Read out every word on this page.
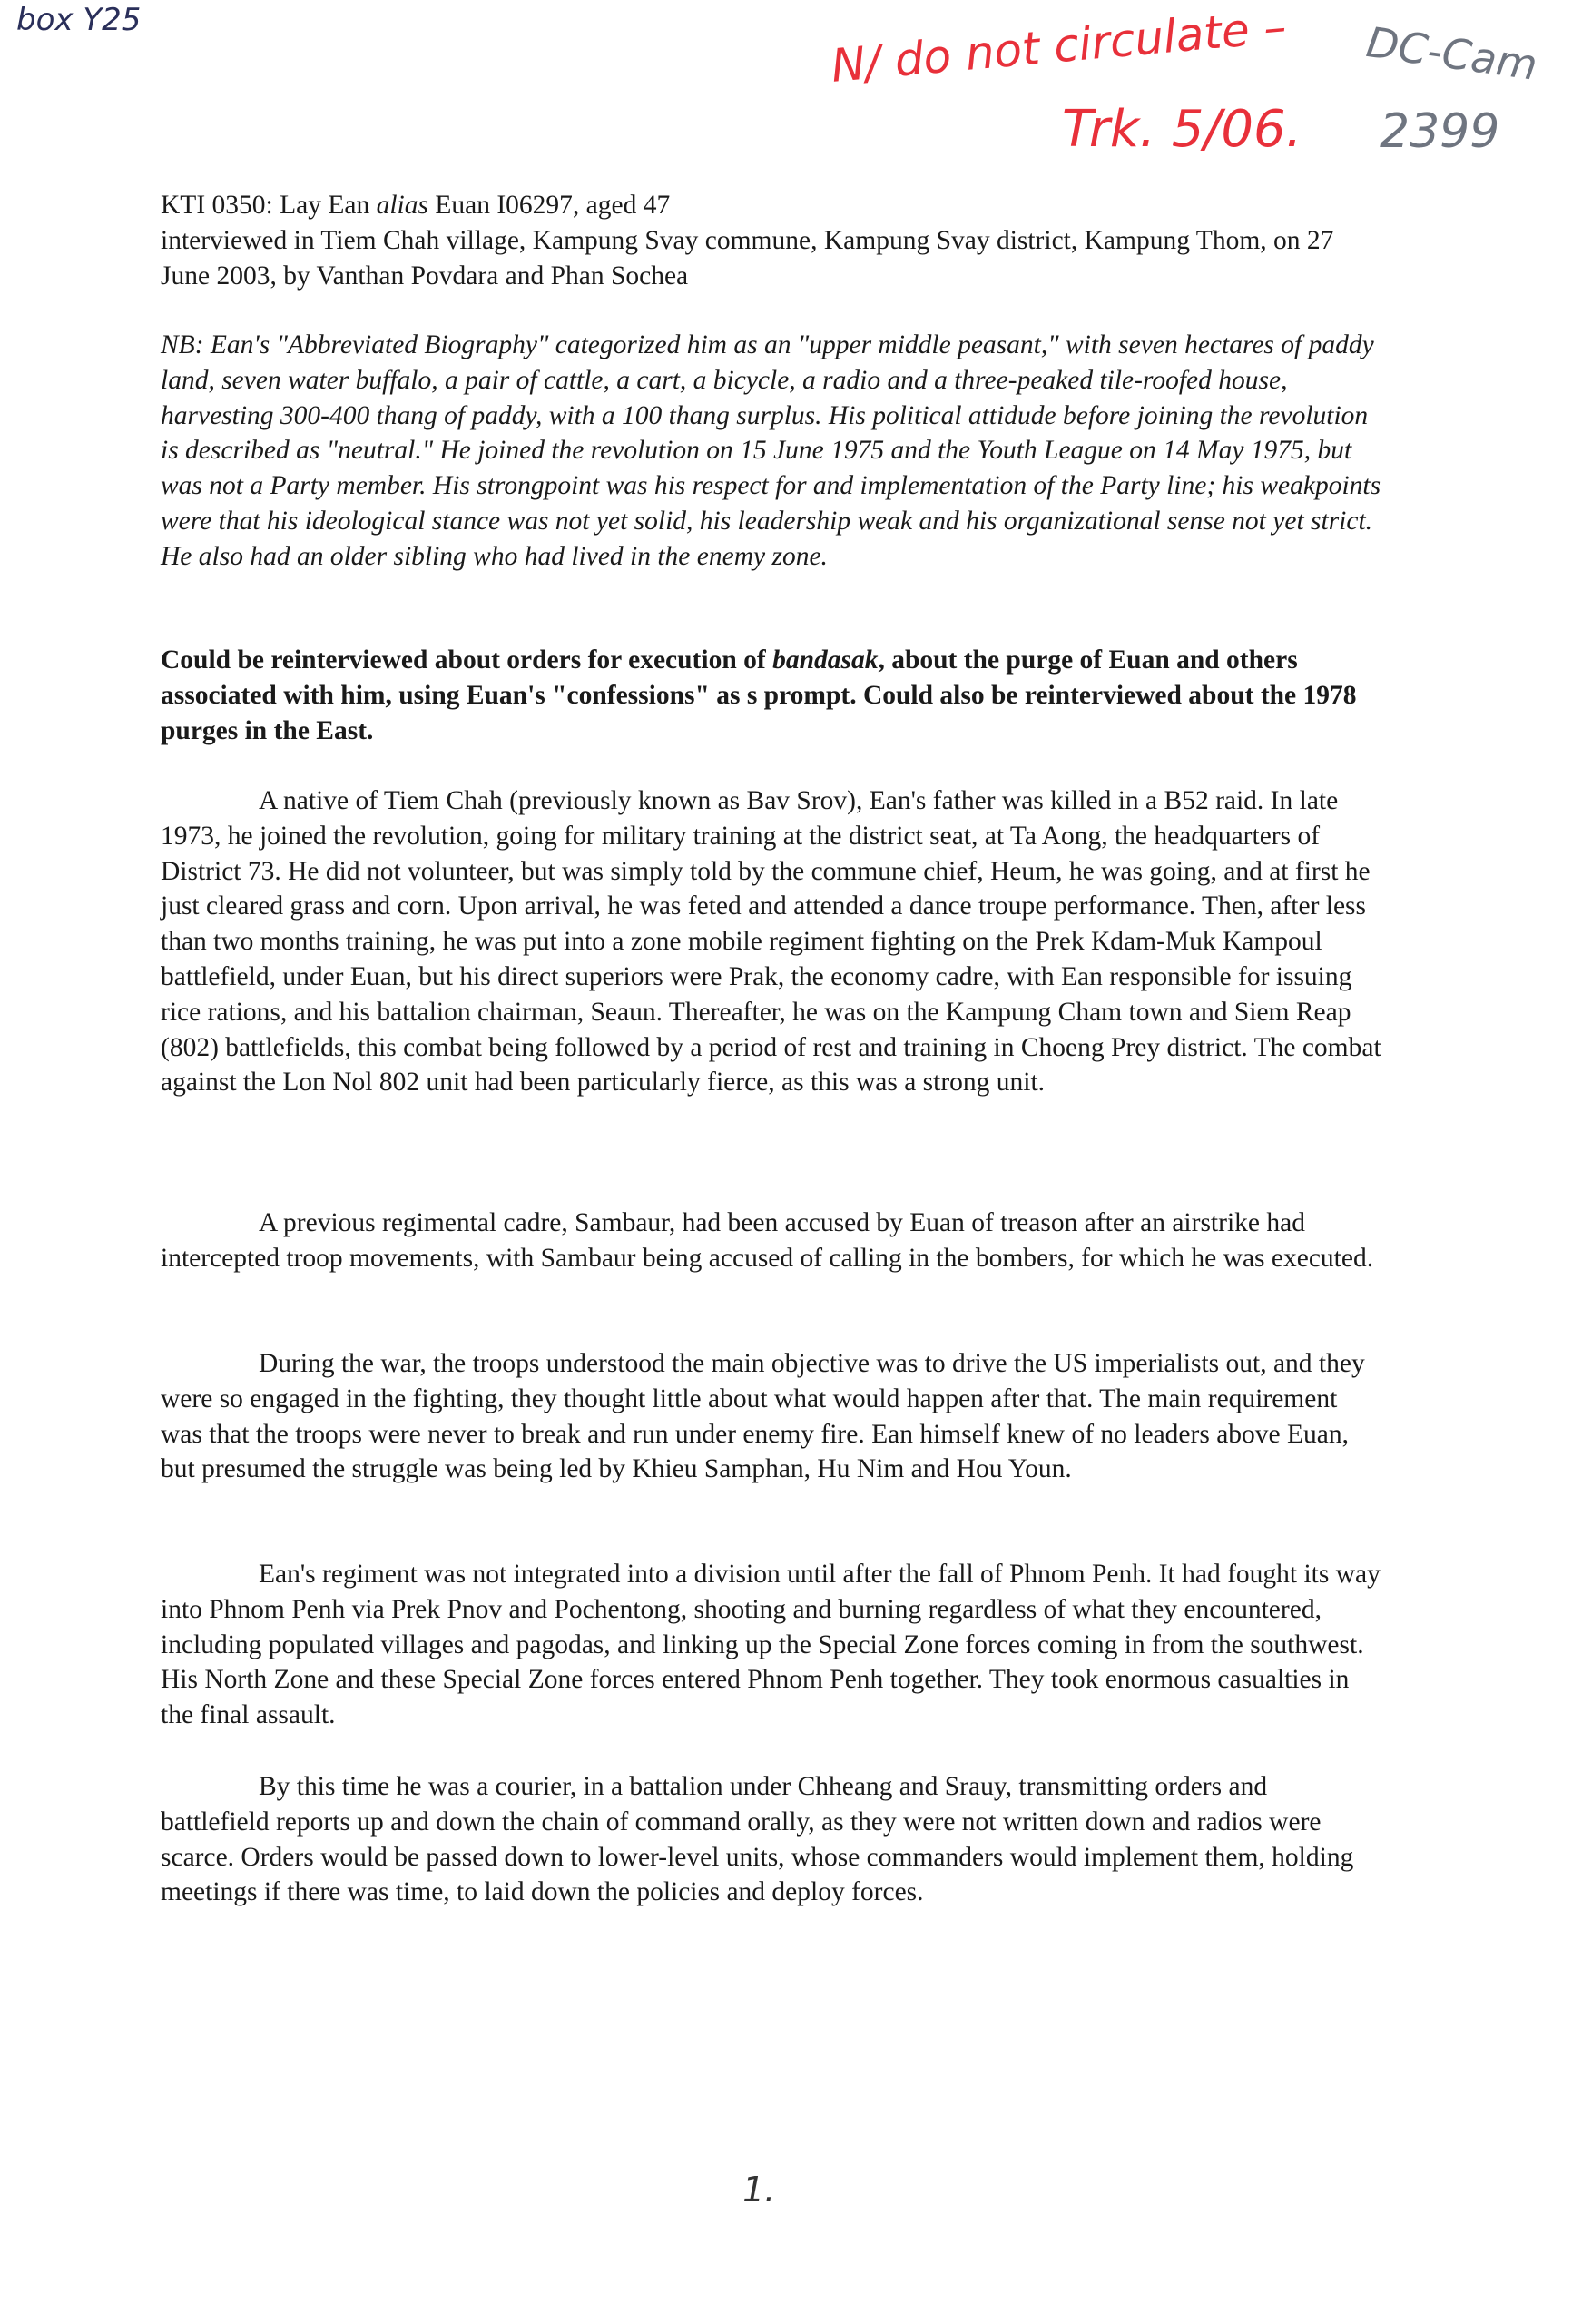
box Y25	N/ do not circulate – DC-Cam
Trk. 5/06. 2399

KTI 0350: Lay Ean alias Euan I06297, aged 47
interviewed in Tiem Chah village, Kampung Svay commune, Kampung Svay district, Kampung Thom, on 27 June 2003, by Vanthan Povdara and Phan Sochea

NB: Ean's "Abbreviated Biography" categorized him as an "upper middle peasant," with seven hectares of paddy land, seven water buffalo, a pair of cattle, a cart, a bicycle, a radio and a three-peaked tile-roofed house, harvesting 300-400 thang of paddy, with a 100 thang surplus. His political attidude before joining the revolution is described as "neutral." He joined the revolution on 15 June 1975 and the Youth League on 14 May 1975, but was not a Party member. His strongpoint was his respect for and implementation of the Party line; his weakpoints were that his ideological stance was not yet solid, his leadership weak and his organizational sense not yet strict. He also had an older sibling who had lived in the enemy zone.

Could be reinterviewed about orders for execution of bandasak, about the purge of Euan and others associated with him, using Euan's "confessions" as s prompt. Could also be reinterviewed about the 1978 purges in the East.

A native of Tiem Chah (previously known as Bav Srov), Ean's father was killed in a B52 raid. In late 1973, he joined the revolution, going for military training at the district seat, at Ta Aong, the headquarters of District 73. He did not volunteer, but was simply told by the commune chief, Heum, he was going, and at first he just cleared grass and corn. Upon arrival, he was feted and attended a dance troupe performance. Then, after less than two months training, he was put into a zone mobile regiment fighting on the Prek Kdam-Muk Kampoul battlefield, under Euan, but his direct superiors were Prak, the economy cadre, with Ean responsible for issuing rice rations, and his battalion chairman, Seaun. Thereafter, he was on the Kampung Cham town and Siem Reap (802) battlefields, this combat being followed by a period of rest and training in Choeng Prey district. The combat against the Lon Nol 802 unit had been particularly fierce, as this was a strong unit.

A previous regimental cadre, Sambaur, had been accused by Euan of treason after an airstrike had intercepted troop movements, with Sambaur being accused of calling in the bombers, for which he was executed.

During the war, the troops understood the main objective was to drive the US imperialists out, and they were so engaged in the fighting, they thought little about what would happen after that. The main requirement was that the troops were never to break and run under enemy fire. Ean himself knew of no leaders above Euan, but presumed the struggle was being led by Khieu Samphan, Hu Nim and Hou Youn.

Ean's regiment was not integrated into a division until after the fall of Phnom Penh. It had fought its way into Phnom Penh via Prek Pnov and Pochentong, shooting and burning regardless of what they encountered, including populated villages and pagodas, and linking up the Special Zone forces coming in from the southwest. His North Zone and these Special Zone forces entered Phnom Penh together. They took enormous casualties in the final assault.

By this time he was a courier, in a battalion under Chheang and Srauy, transmitting orders and battlefield reports up and down the chain of command orally, as they were not written down and radios were scarce. Orders would be passed down to lower-level units, whose commanders would implement them, holding meetings if there was time, to laid down the policies and deploy forces.

1.
